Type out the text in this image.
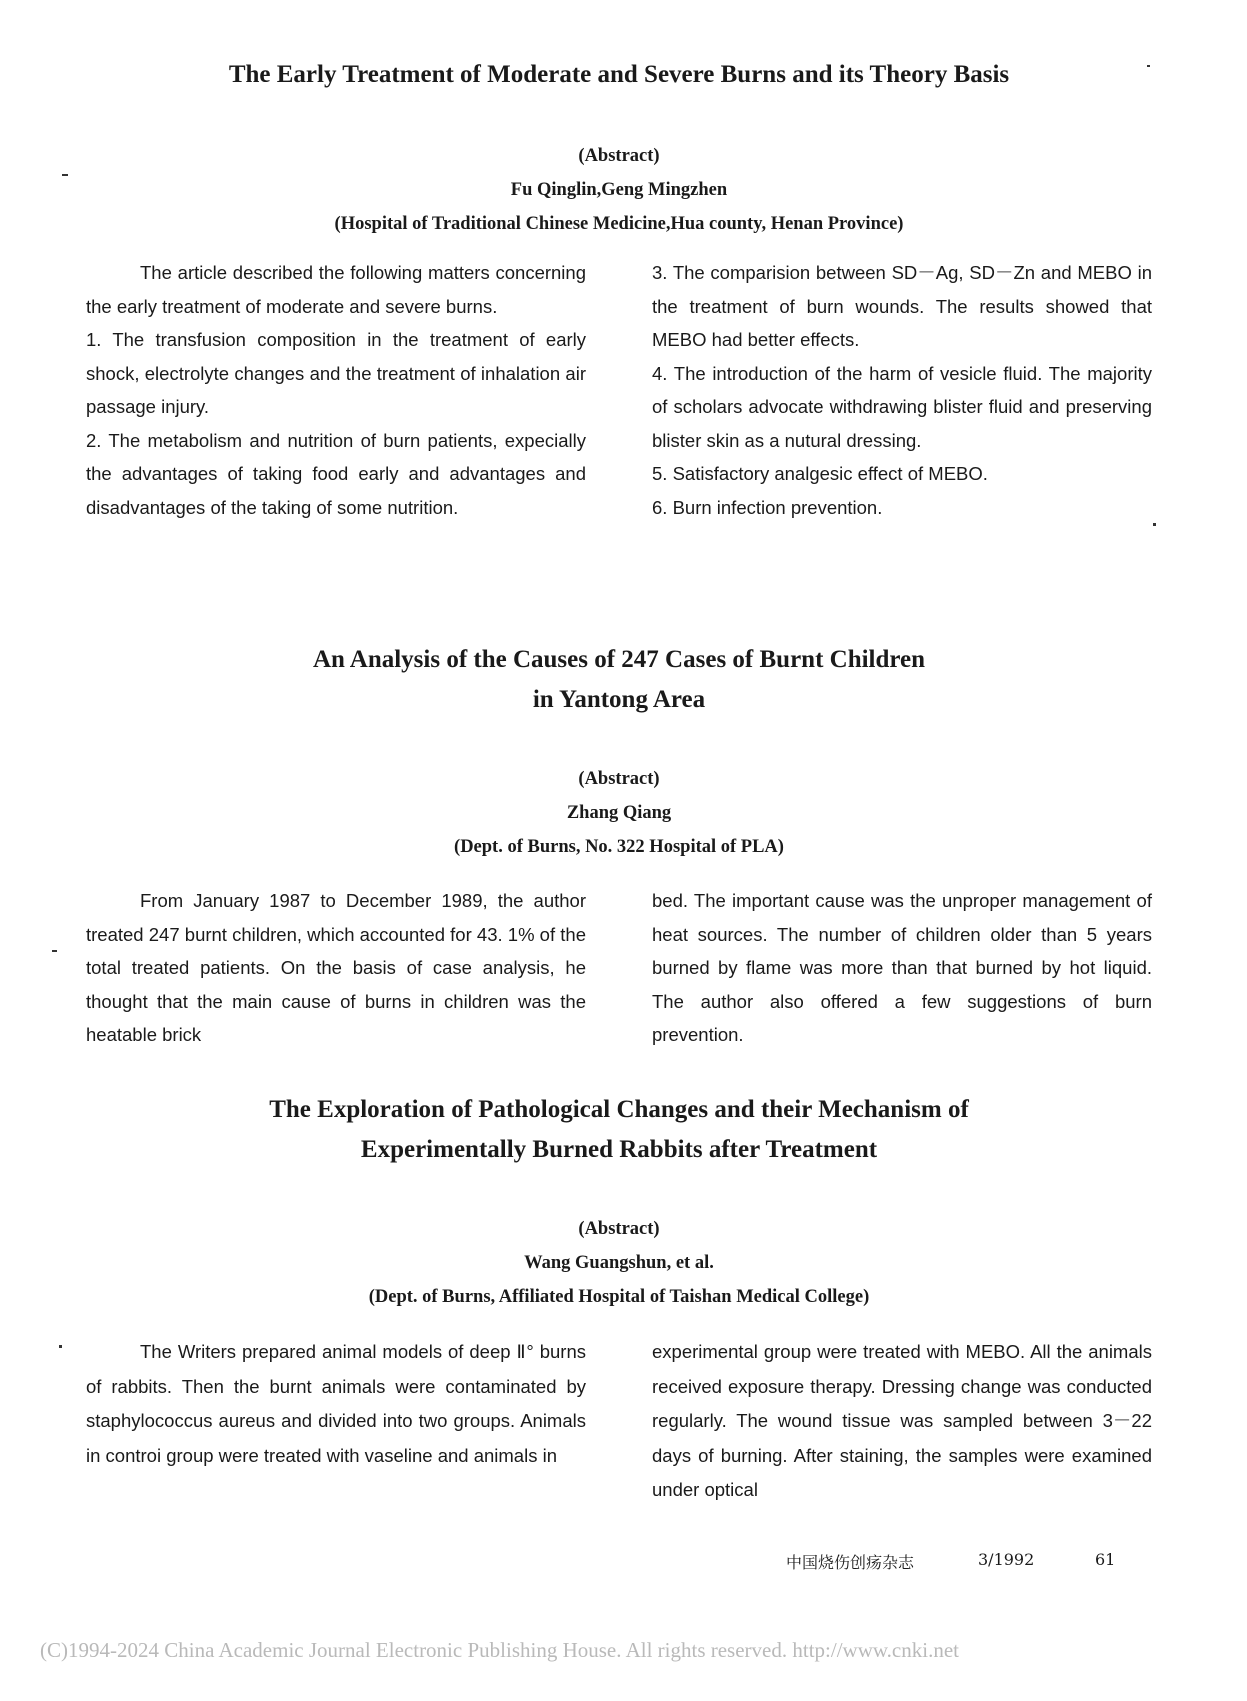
The Early Treatment of Moderate and Severe Burns and its Theory Basis
(Abstract)
Fu Qinglin,Geng Mingzhen
(Hospital of Traditional Chinese Medicine,Hua county, Henan Province)

The article described the following matters concerning the early treatment of moderate and severe burns.

1. The transfusion composition in the treatment of early shock, electrolyte changes and the treatment of inhalation air passage injury.

2. The metabolism and nutrition of burn patients, expecially the advantages of taking food early and advantages and disadvantages of the taking of some nutrition.

3. The comparision between SD－Ag, SD－Zn and MEBO in the treatment of burn wounds. The results showed that MEBO had better effects.

4. The introduction of the harm of vesicle fluid. The majority of scholars advocate withdrawing blister fluid and preserving blister skin as a nutural dressing.

5. Satisfactory analgesic effect of MEBO.

6. Burn infection prevention.

An Analysis of the Causes of 247 Cases of Burnt Children
in Yantong Area
(Abstract)
Zhang Qiang
(Dept. of Burns, No. 322 Hospital of PLA)

From January 1987 to December 1989, the author treated 247 burnt children, which accounted for 43. 1% of the total treated patients. On the basis of case analysis, he thought that the main cause of burns in children was the heatable brick

bed. The important cause was the unproper management of heat sources. The number of children older than 5 years burned by flame was more than that burned by hot liquid. The author also offered a few suggestions of burn prevention.

The Exploration of Pathological Changes and their Mechanism of
Experimentally Burned Rabbits after Treatment
(Abstract)
Wang Guangshun, et al.
(Dept. of Burns, Affiliated Hospital of Taishan Medical College)

The Writers prepared animal models of deep Ⅱ° burns of rabbits. Then the burnt animals were contaminated by staphylococcus aureus and divided into two groups. Animals in controi group were treated with vaseline and animals in

experimental group were treated with MEBO. All the animals received exposure therapy. Dressing change was conducted regularly. The wound tissue was sampled between 3－22 days of burning. After staining, the samples were examined under optical

中国烧伤创疡杂志	3/1992	61
(C)1994-2024 China Academic Journal Electronic Publishing House. All rights reserved. http://www.cnki.net
